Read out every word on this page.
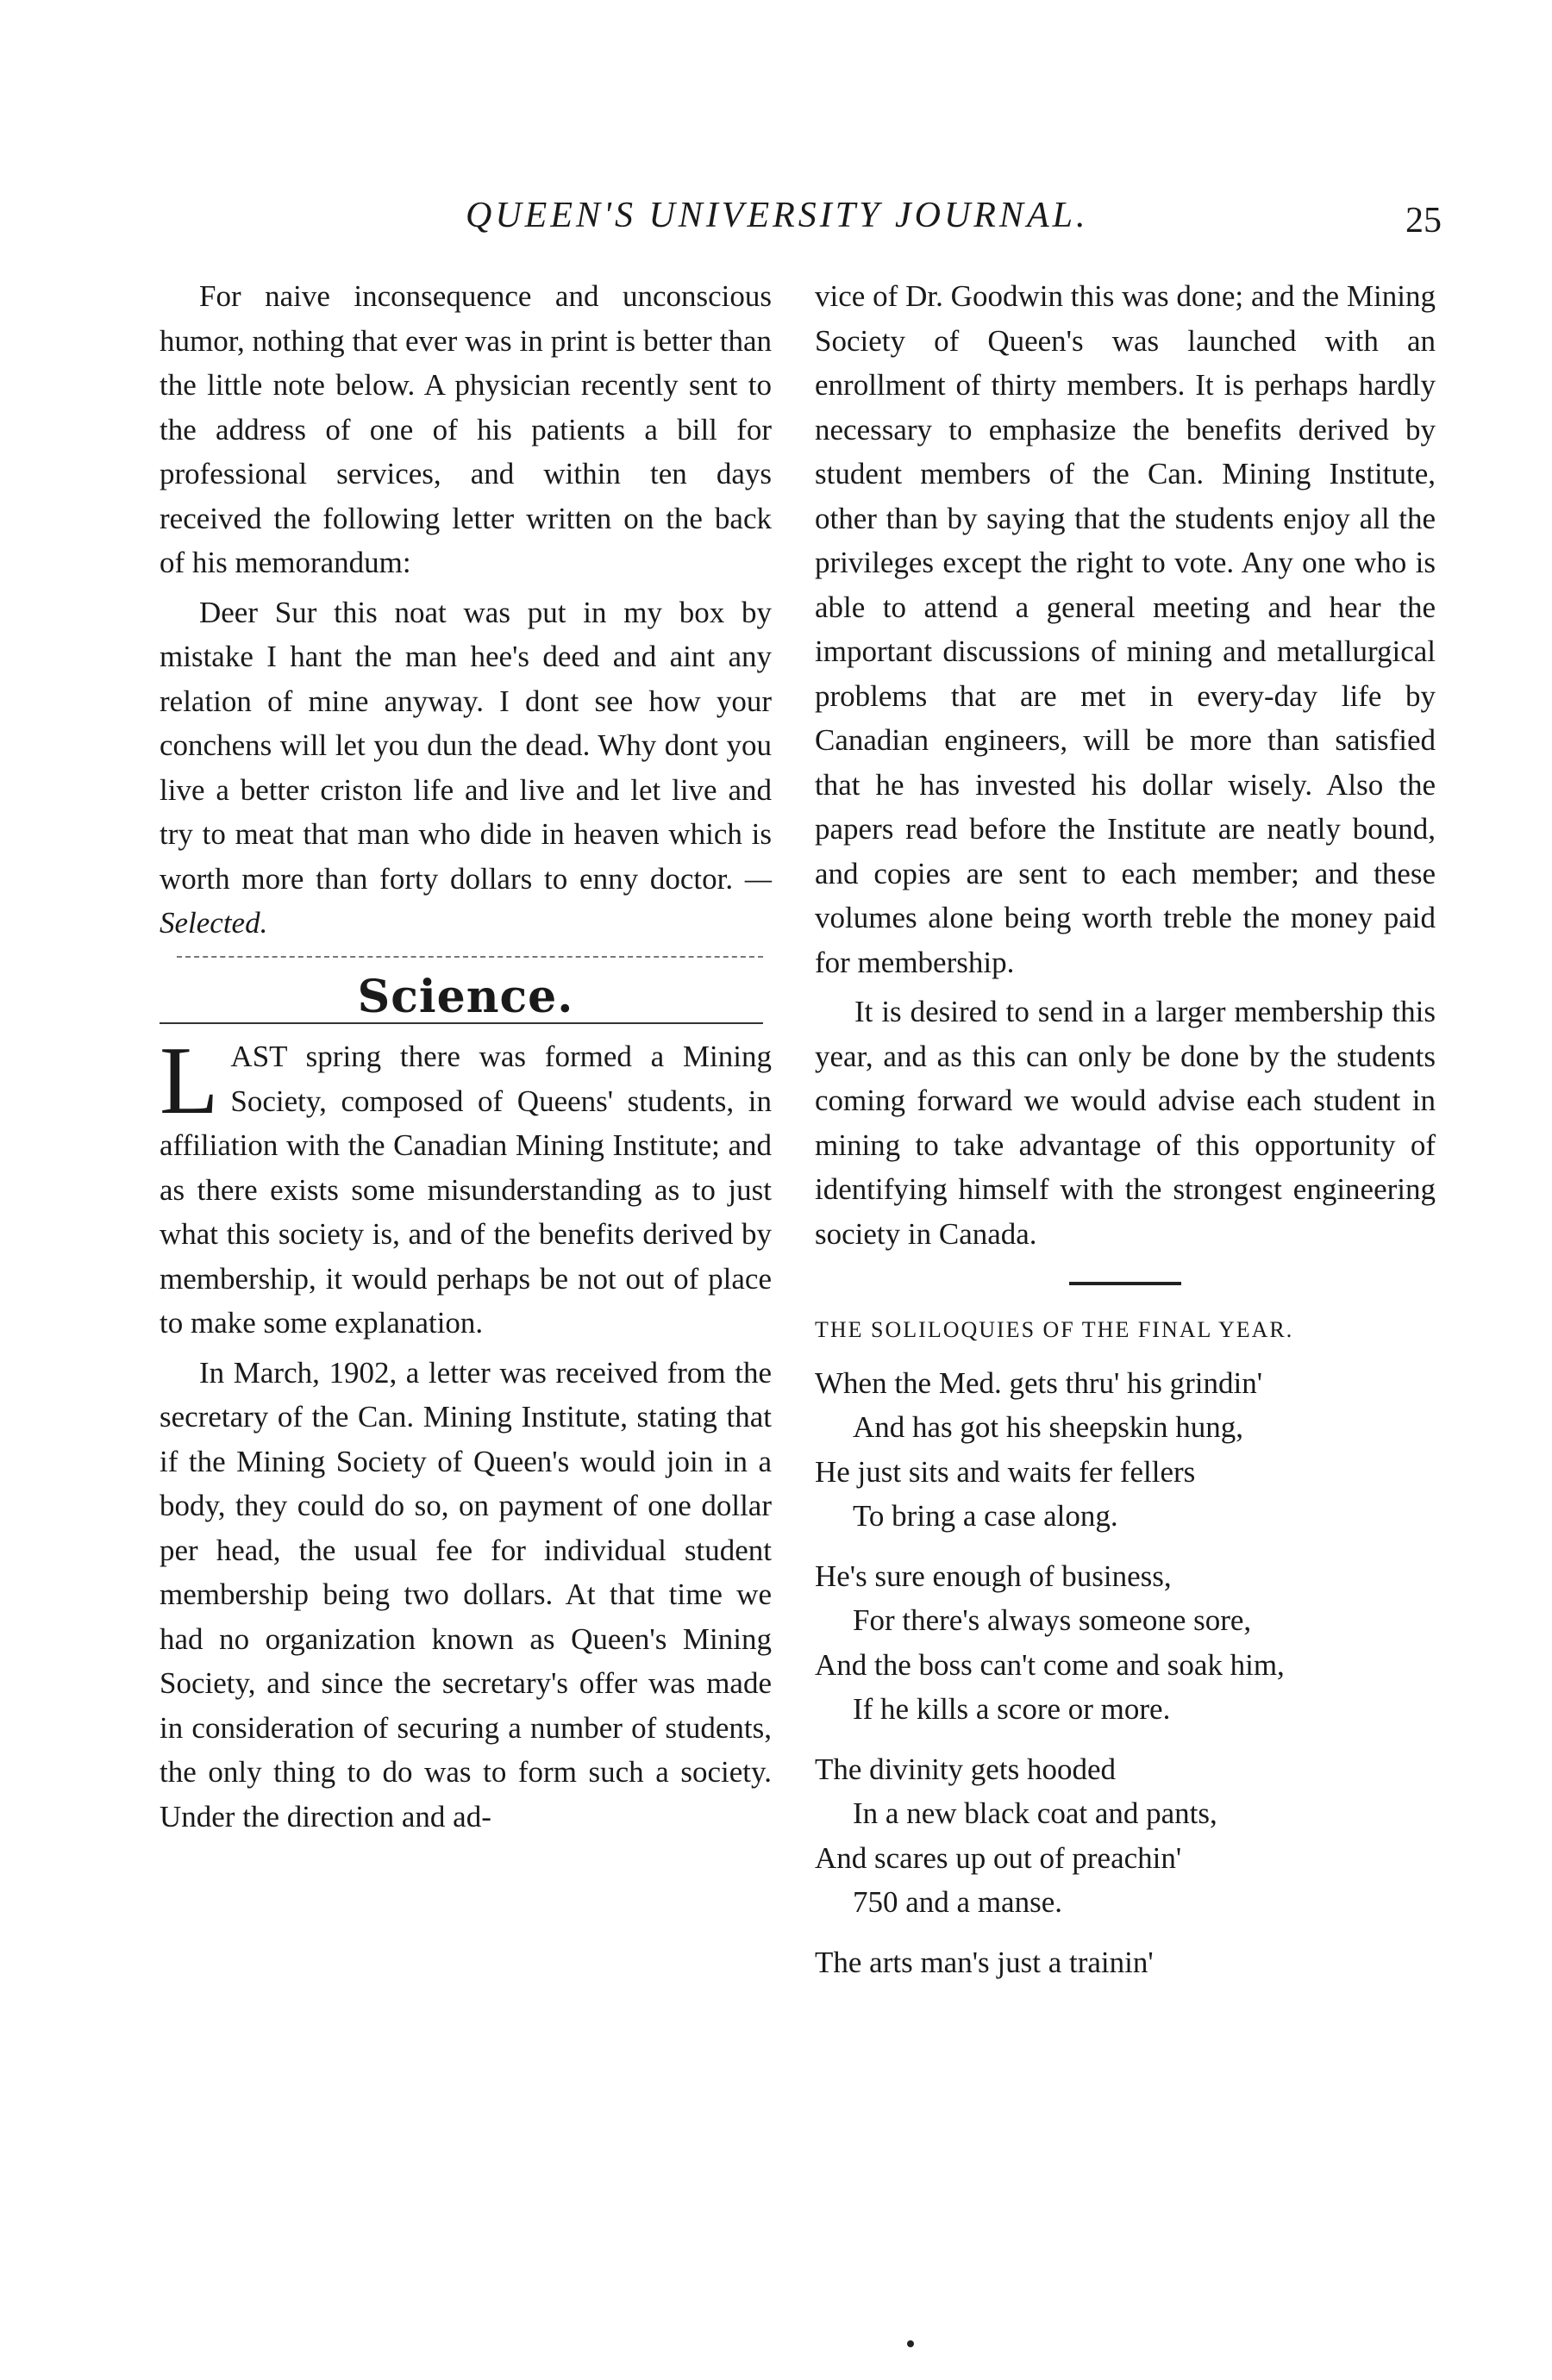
QUEEN'S UNIVERSITY JOURNAL.	25

For naive inconsequence and unconscious humor, nothing that ever was in print is better than the little note below. A physician recently sent to the address of one of his patients a bill for professional services, and within ten days received the following letter written on the back of his memorandum:

Deer Sur this noat was put in my box by mistake I hant the man hee's deed and aint any relation of mine anyway. I dont see how your conchens will let you dun the dead. Why dont you live a better criston life and live and let live and try to meat that man who dide in heaven which is worth more than forty dollars to enny doctor. —Selected.

Science.

LAST spring there was formed a Mining Society, composed of Queens' students, in affiliation with the Canadian Mining Institute; and as there exists some misunderstanding as to just what this society is, and of the benefits derived by membership, it would perhaps be not out of place to make some explanation.

In March, 1902, a letter was received from the secretary of the Can. Mining Institute, stating that if the Mining Society of Queen's would join in a body, they could do so, on payment of one dollar per head, the usual fee for individual student membership being two dollars. At that time we had no organization known as Queen's Mining Society, and since the secretary's offer was made in consideration of securing a number of students, the only thing to do was to form such a society. Under the direction and ad-

vice of Dr. Goodwin this was done; and the Mining Society of Queen's was launched with an enrollment of thirty members. It is perhaps hardly necessary to emphasize the benefits derived by student members of the Can. Mining Institute, other than by saying that the students enjoy all the privileges except the right to vote. Any one who is able to attend a general meeting and hear the important discussions of mining and metallurgical problems that are met in every-day life by Canadian engineers, will be more than satisfied that he has invested his dollar wisely. Also the papers read before the Institute are neatly bound, and copies are sent to each member; and these volumes alone being worth treble the money paid for membership.

It is desired to send in a larger membership this year, and as this can only be done by the students coming forward we would advise each student in mining to take advantage of this opportunity of identifying himself with the strongest engineering society in Canada.

THE SOLILOQUIES OF THE FINAL YEAR.
When the Med. gets thru' his grindin'
And has got his sheepskin hung,
He just sits and waits fer fellers
To bring a case along.
He's sure enough of business,
For there's always someone sore,
And the boss can't come and soak him,
If he kills a score or more.
The divinity gets hooded
In a new black coat and pants,
And scares up out of preachin'
750 and a manse.
The arts man's just a trainin'
